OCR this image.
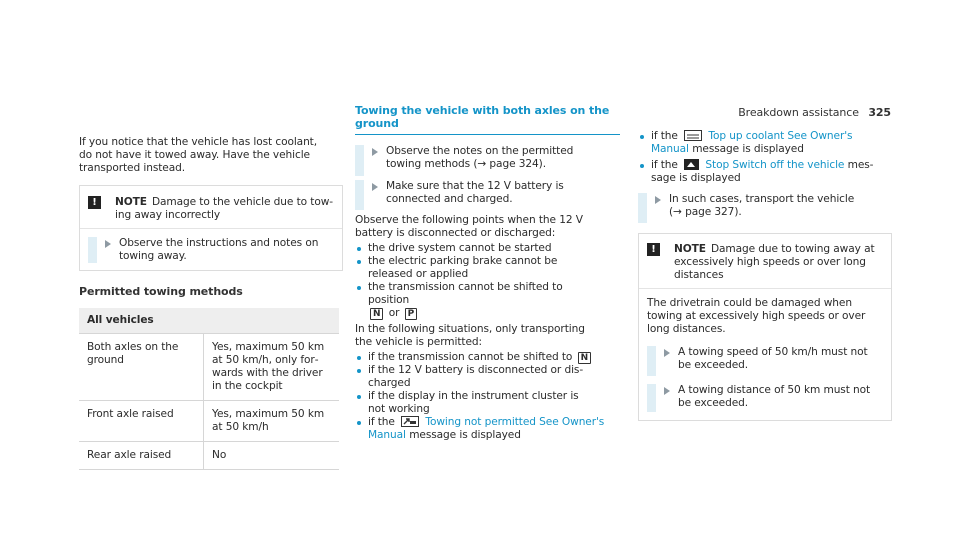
Breakdown assistance 325

If you notice that the vehicle has lost coolant, do not have it towed away. Have the vehicle transported instead.

!	NOTE Damage to the vehicle due to towing away incorrectly

Observe the instructions and notes on towing away.

Permitted towing methods

All vehicles	
Both axles on the ground	Yes, maximum 50 km at 50 km/h, only forwards with the driver in the cockpit
Front axle raised	Yes, maximum 50 km at 50 km/h
Rear axle raised	No

Towing the vehicle with both axles on the ground

Observe the notes on the permitted towing methods (→ page 324).

Make sure that the 12 V battery is connected and charged.

Observe the following points when the 12 V battery is disconnected or discharged:

the drive system cannot be started
the electric parking brake cannot be released or applied
the transmission cannot be shifted to position
N or P

In the following situations, only transporting the vehicle is permitted:

if the transmission cannot be shifted to N
if the 12 V battery is disconnected or discharged
if the display in the instrument cluster is not working
if the	Towing not permitted See Owner's Manual message is displayed
if the	Top up coolant See Owner's Manual message is displayed
if the	Stop Switch off the vehicle message is displayed

In such cases, transport the vehicle (→ page 327).

!	NOTE Damage due to towing away at excessively high speeds or over long distances

The drivetrain could be damaged when towing at excessively high speeds or over long distances.

A towing speed of 50 km/h must not be exceeded.

A towing distance of 50 km must not be exceeded.
